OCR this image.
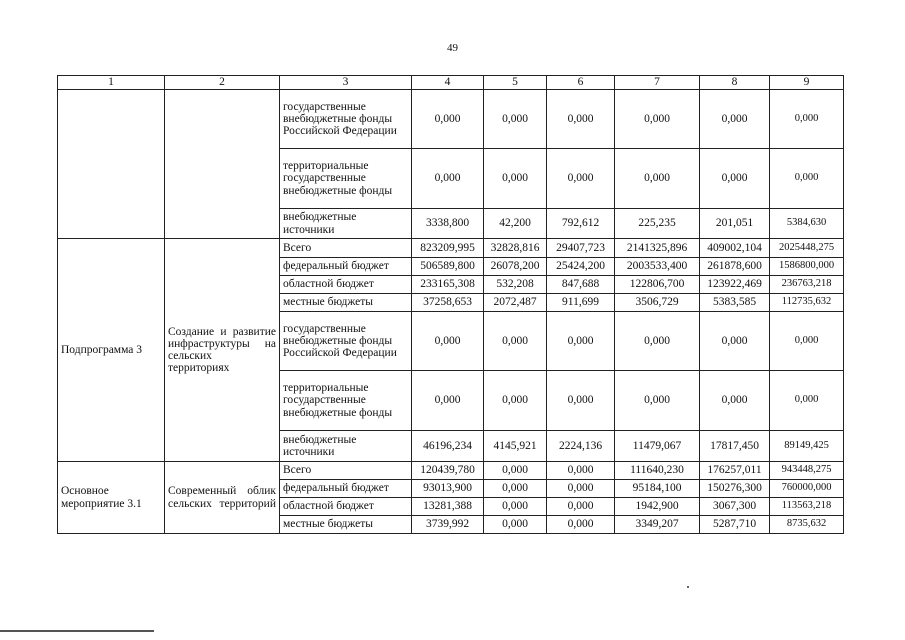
49
1	2	3	4	5	6	7	8	9
		государственные внебюджетные фонды Российской Федерации	0,000	0,000	0,000	0,000	0,000	0,000
		территориальные государственные внебюджетные фонды	0,000	0,000	0,000	0,000	0,000	0,000
		внебюджетные источники	3338,800	42,200	792,612	225,235	201,051	5384,630
Подпрограмма 3	Создание и развитие инфраструктуры на сельских территориях	Всего	823209,995	32828,816	29407,723	2141325,896	409002,104	2025448,275
		федеральный бюджет	506589,800	26078,200	25424,200	2003533,400	261878,600	1586800,000
		областной бюджет	233165,308	532,208	847,688	122806,700	123922,469	236763,218
		местные бюджеты	37258,653	2072,487	911,699	3506,729	5383,585	112735,632
		государственные внебюджетные фонды Российской Федерации	0,000	0,000	0,000	0,000	0,000	0,000
		территориальные государственные внебюджетные фонды	0,000	0,000	0,000	0,000	0,000	0,000
		внебюджетные источники	46196,234	4145,921	2224,136	11479,067	17817,450	89149,425
Основное мероприятие 3.1	Современный облик сельских территорий	Всего	120439,780	0,000	0,000	111640,230	176257,011	943448,275
		федеральный бюджет	93013,900	0,000	0,000	95184,100	150276,300	760000,000
		областной бюджет	13281,388	0,000	0,000	1942,900	3067,300	113563,218
		местные бюджеты	3739,992	0,000	0,000	3349,207	5287,710	8735,632
